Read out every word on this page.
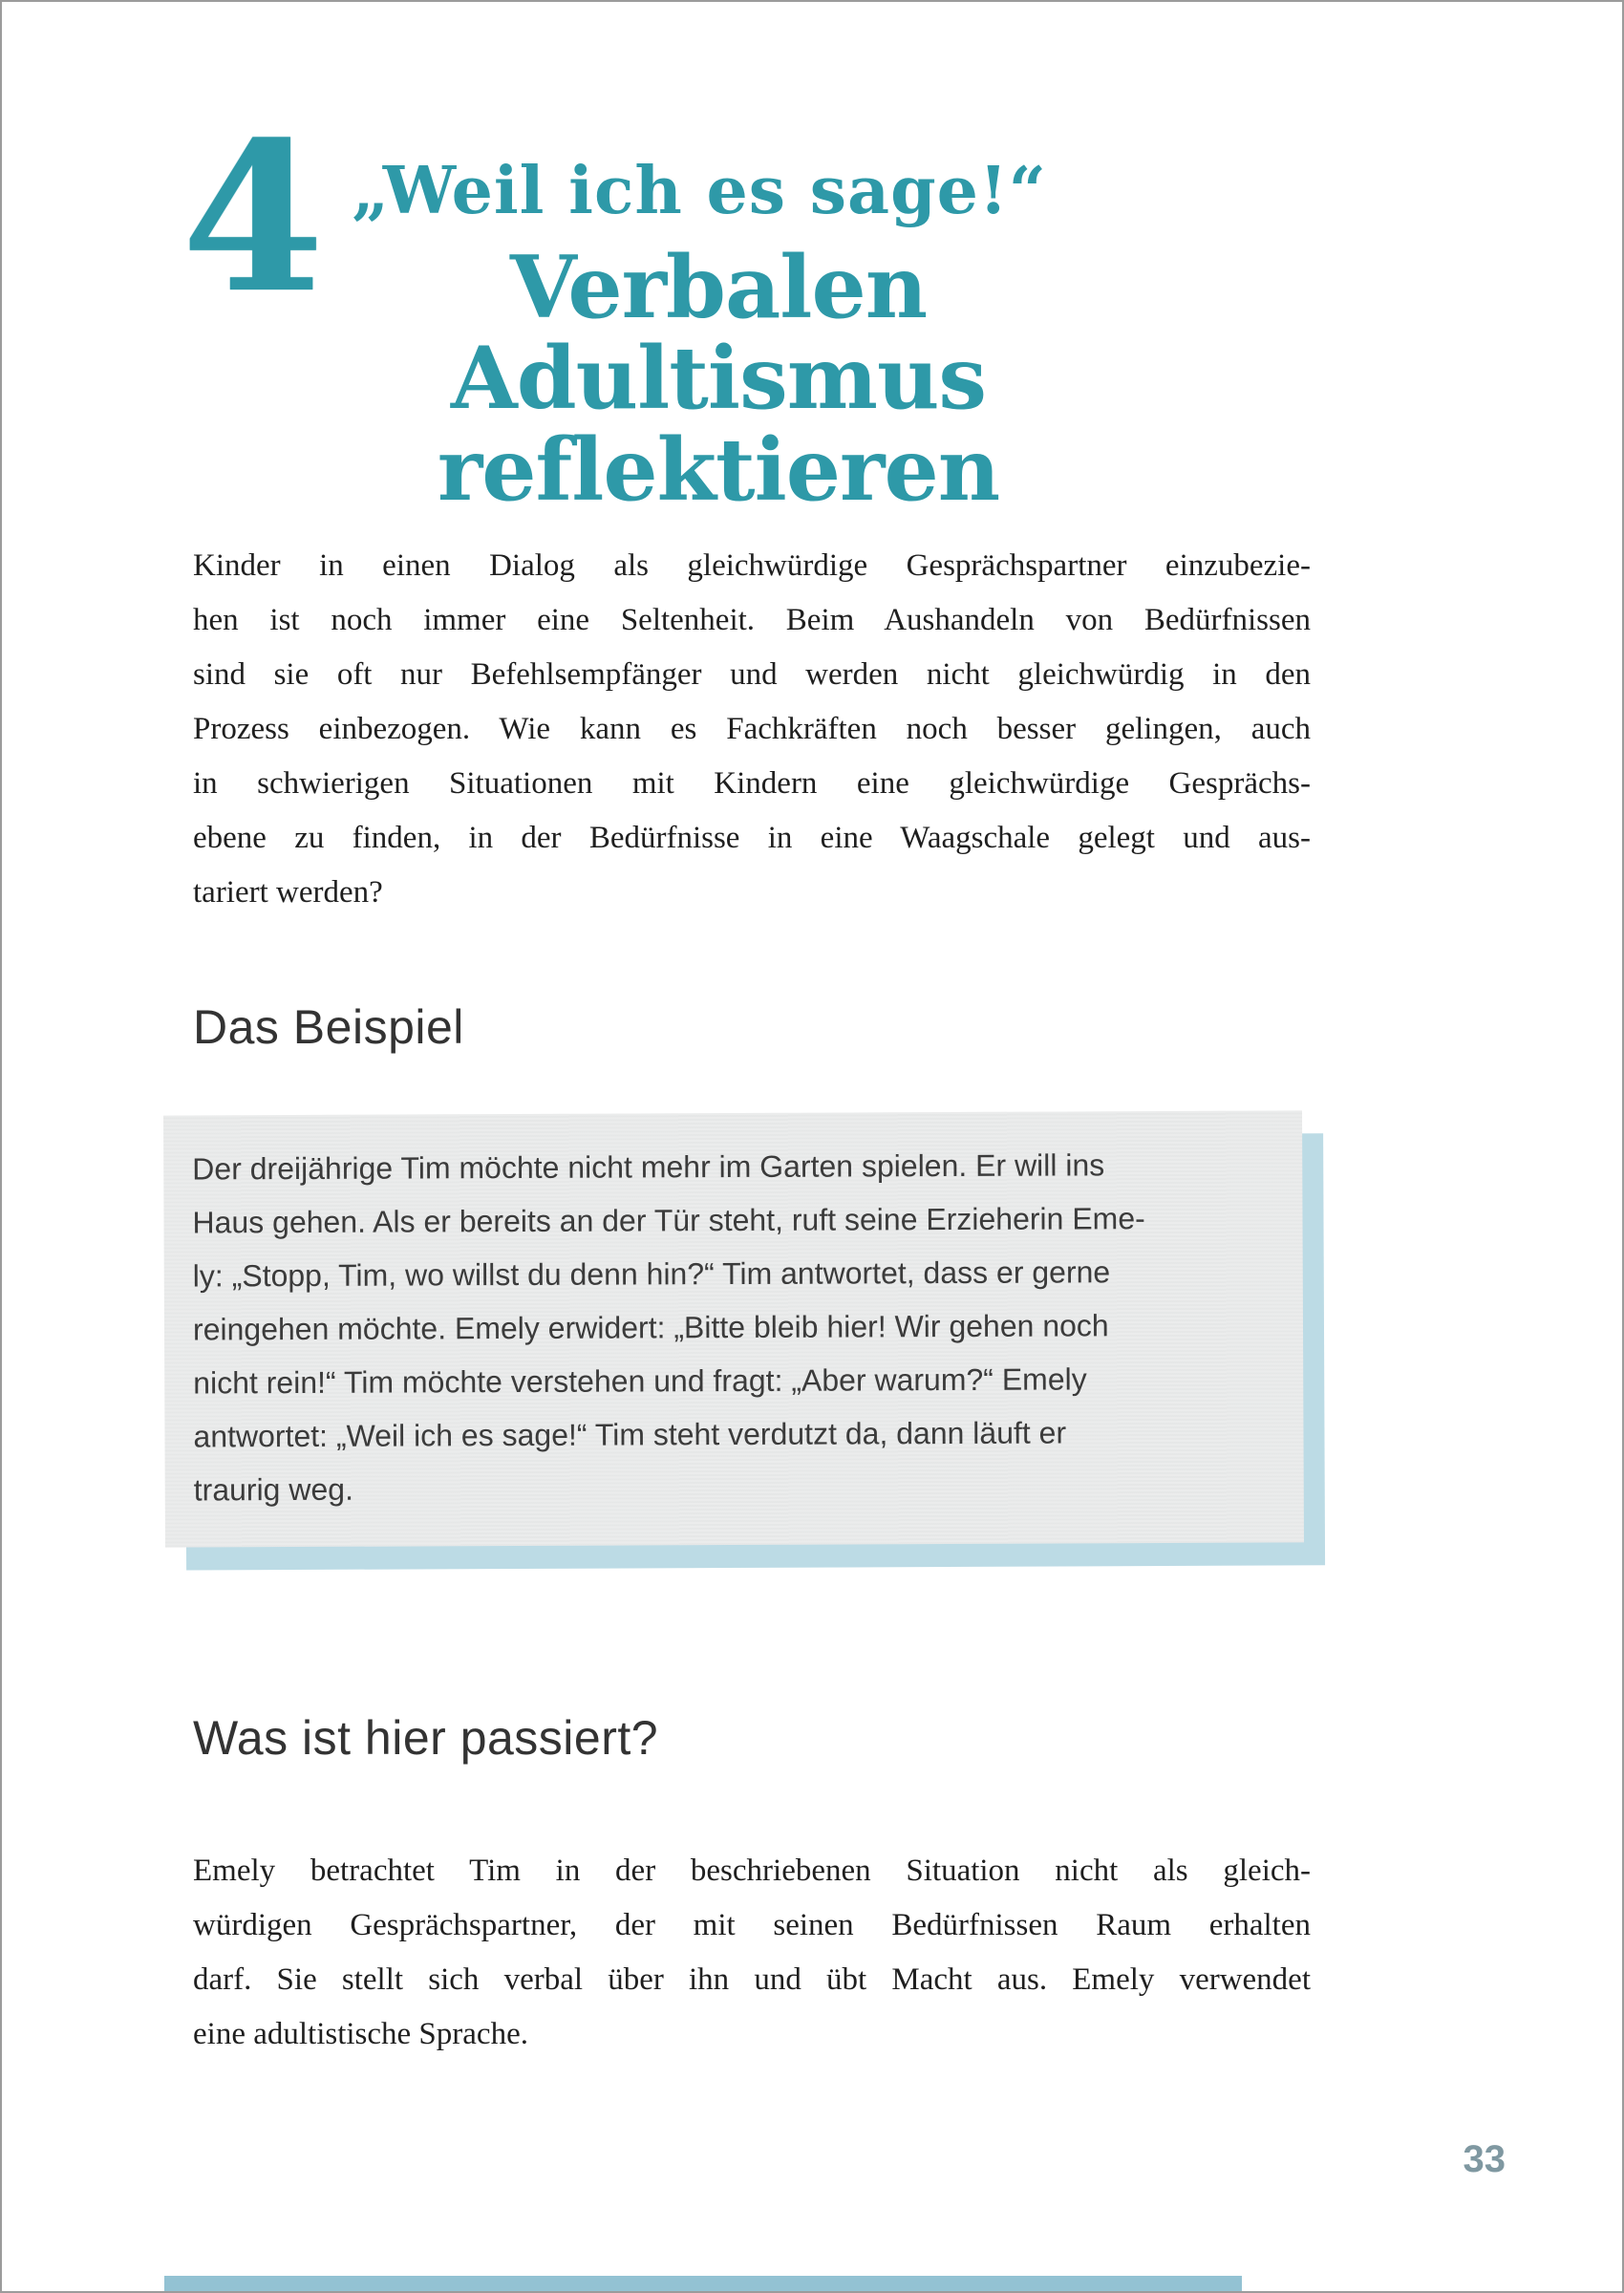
4 „Weil ich es sage!“
Verbalen Adultismus
reflektieren
Kinder in einen Dialog als gleichwürdige Gesprächspartner einzubezie-
hen ist noch immer eine Seltenheit. Beim Aushandeln von Bedürfnissen
sind sie oft nur Befehlsempfänger und werden nicht gleichwürdig in den
Prozess einbezogen. Wie kann es Fachkräften noch besser gelingen, auch
in schwierigen Situationen mit Kindern eine gleichwürdige Gesprächs-
ebene zu finden, in der Bedürfnisse in eine Waagschale gelegt und aus-
tariert werden?
Das Beispiel
Der dreijährige Tim möchte nicht mehr im Garten spielen. Er will ins
Haus gehen. Als er bereits an der Tür steht, ruft seine Erzieherin Eme-
ly: „Stopp, Tim, wo willst du denn hin?“ Tim antwortet, dass er gerne
reingehen möchte. Emely erwidert: „Bitte bleib hier! Wir gehen noch
nicht rein!“ Tim möchte verstehen und fragt: „Aber warum?“ Emely
antwortet: „Weil ich es sage!“ Tim steht verdutzt da, dann läuft er
traurig weg.
Was ist hier passiert?
Emely betrachtet Tim in der beschriebenen Situation nicht als gleich-
würdigen Gesprächspartner, der mit seinen Bedürfnissen Raum erhalten
darf. Sie stellt sich verbal über ihn und übt Macht aus. Emely verwendet
eine adultistische Sprache.
33
